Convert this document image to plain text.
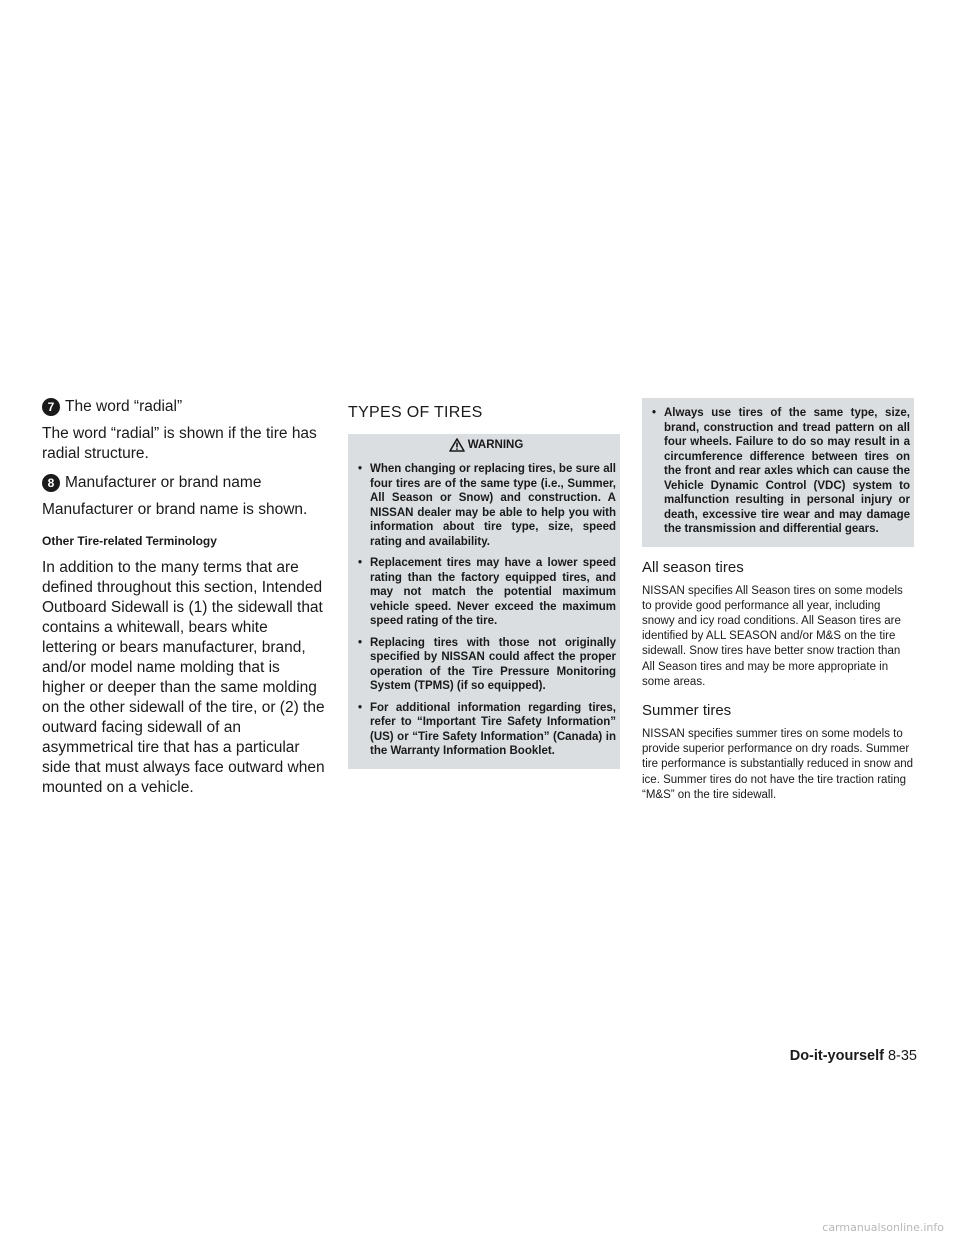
7 The word “radial”

The word “radial” is shown if the tire has radial structure.

8 Manufacturer or brand name

Manufacturer or brand name is shown.

Other Tire-related Terminology

In addition to the many terms that are defined throughout this section, Intended Outboard Sidewall is (1) the sidewall that contains a whitewall, bears white lettering or bears manufacturer, brand, and/or model name molding that is higher or deeper than the same molding on the other sidewall of the tire, or (2) the outward facing sidewall of an asymmetrical tire that has a particular side that must always face outward when mounted on a vehicle.

TYPES OF TIRES
WARNING
• When changing or replacing tires, be sure all four tires are of the same type (i.e., Summer, All Season or Snow) and construction. A NISSAN dealer may be able to help you with information about tire type, size, speed rating and availability.
• Replacement tires may have a lower speed rating than the factory equipped tires, and may not match the potential maximum vehicle speed. Never exceed the maximum speed rating of the tire.
• Replacing tires with those not originally specified by NISSAN could affect the proper operation of the Tire Pressure Monitoring System (TPMS) (if so equipped).
• For additional information regarding tires, refer to “Important Tire Safety Information” (US) or “Tire Safety Information” (Canada) in the Warranty Information Booklet.
• Always use tires of the same type, size, brand, construction and tread pattern on all four wheels. Failure to do so may result in a circumference difference between tires on the front and rear axles which can cause the Vehicle Dynamic Control (VDC) system to malfunction resulting in personal injury or death, excessive tire wear and may damage the transmission and differential gears.
All season tires

NISSAN specifies All Season tires on some models to provide good performance all year, including snowy and icy road conditions. All Season tires are identified by ALL SEASON and/or M&S on the tire sidewall. Snow tires have better snow traction than All Season tires and may be more appropriate in some areas.

Summer tires

NISSAN specifies summer tires on some models to provide superior performance on dry roads. Summer tire performance is substantially reduced in snow and ice. Summer tires do not have the tire traction rating “M&S” on the tire sidewall.

Do-it-yourself 8-35
carmanualsonline.info
